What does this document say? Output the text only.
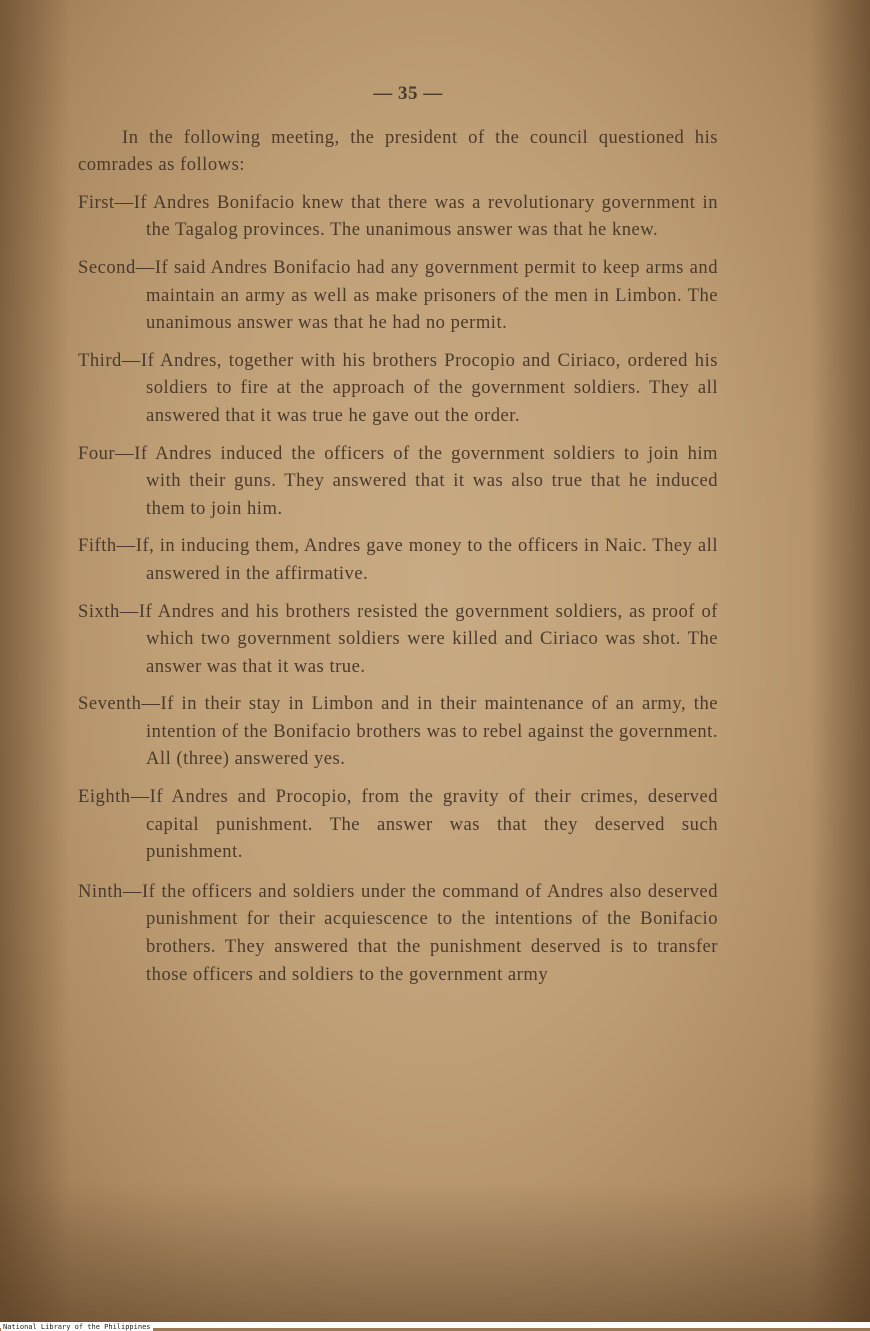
— 35 —

In the following meeting, the president of the council questioned his comrades as follows:

First—If Andres Bonifacio knew that there was a revolutionary government in the Tagalog provinces. The unanimous answer was that he knew.

Second—If said Andres Bonifacio had any government permit to keep arms and maintain an army as well as make prisoners of the men in Limbon. The unanimous answer was that he had no permit.

Third—If Andres, together with his brothers Procopio and Ciriaco, ordered his soldiers to fire at the approach of the government soldiers. They all answered that it was true he gave out the order.

Four—If Andres induced the officers of the government soldiers to join him with their guns. They answered that it was also true that he induced them to join him.

Fifth—If, in inducing them, Andres gave money to the officers in Naic. They all answered in the affirmative.

Sixth—If Andres and his brothers resisted the government soldiers, as proof of which two government soldiers were killed and Ciriaco was shot. The answer was that it was true.

Seventh—If in their stay in Limbon and in their maintenance of an army, the intention of the Bonifacio brothers was to rebel against the government. All (three) answered yes.

Eighth—If Andres and Procopio, from the gravity of their crimes, deserved capital punishment. The answer was that they deserved such punishment.

Ninth—If the officers and soldiers under the command of Andres also deserved punishment for their acquiescence to the intentions of the Bonifacio brothers. They answered that the punishment deserved is to transfer those officers and soldiers to the government army

National Library of the Philippines
